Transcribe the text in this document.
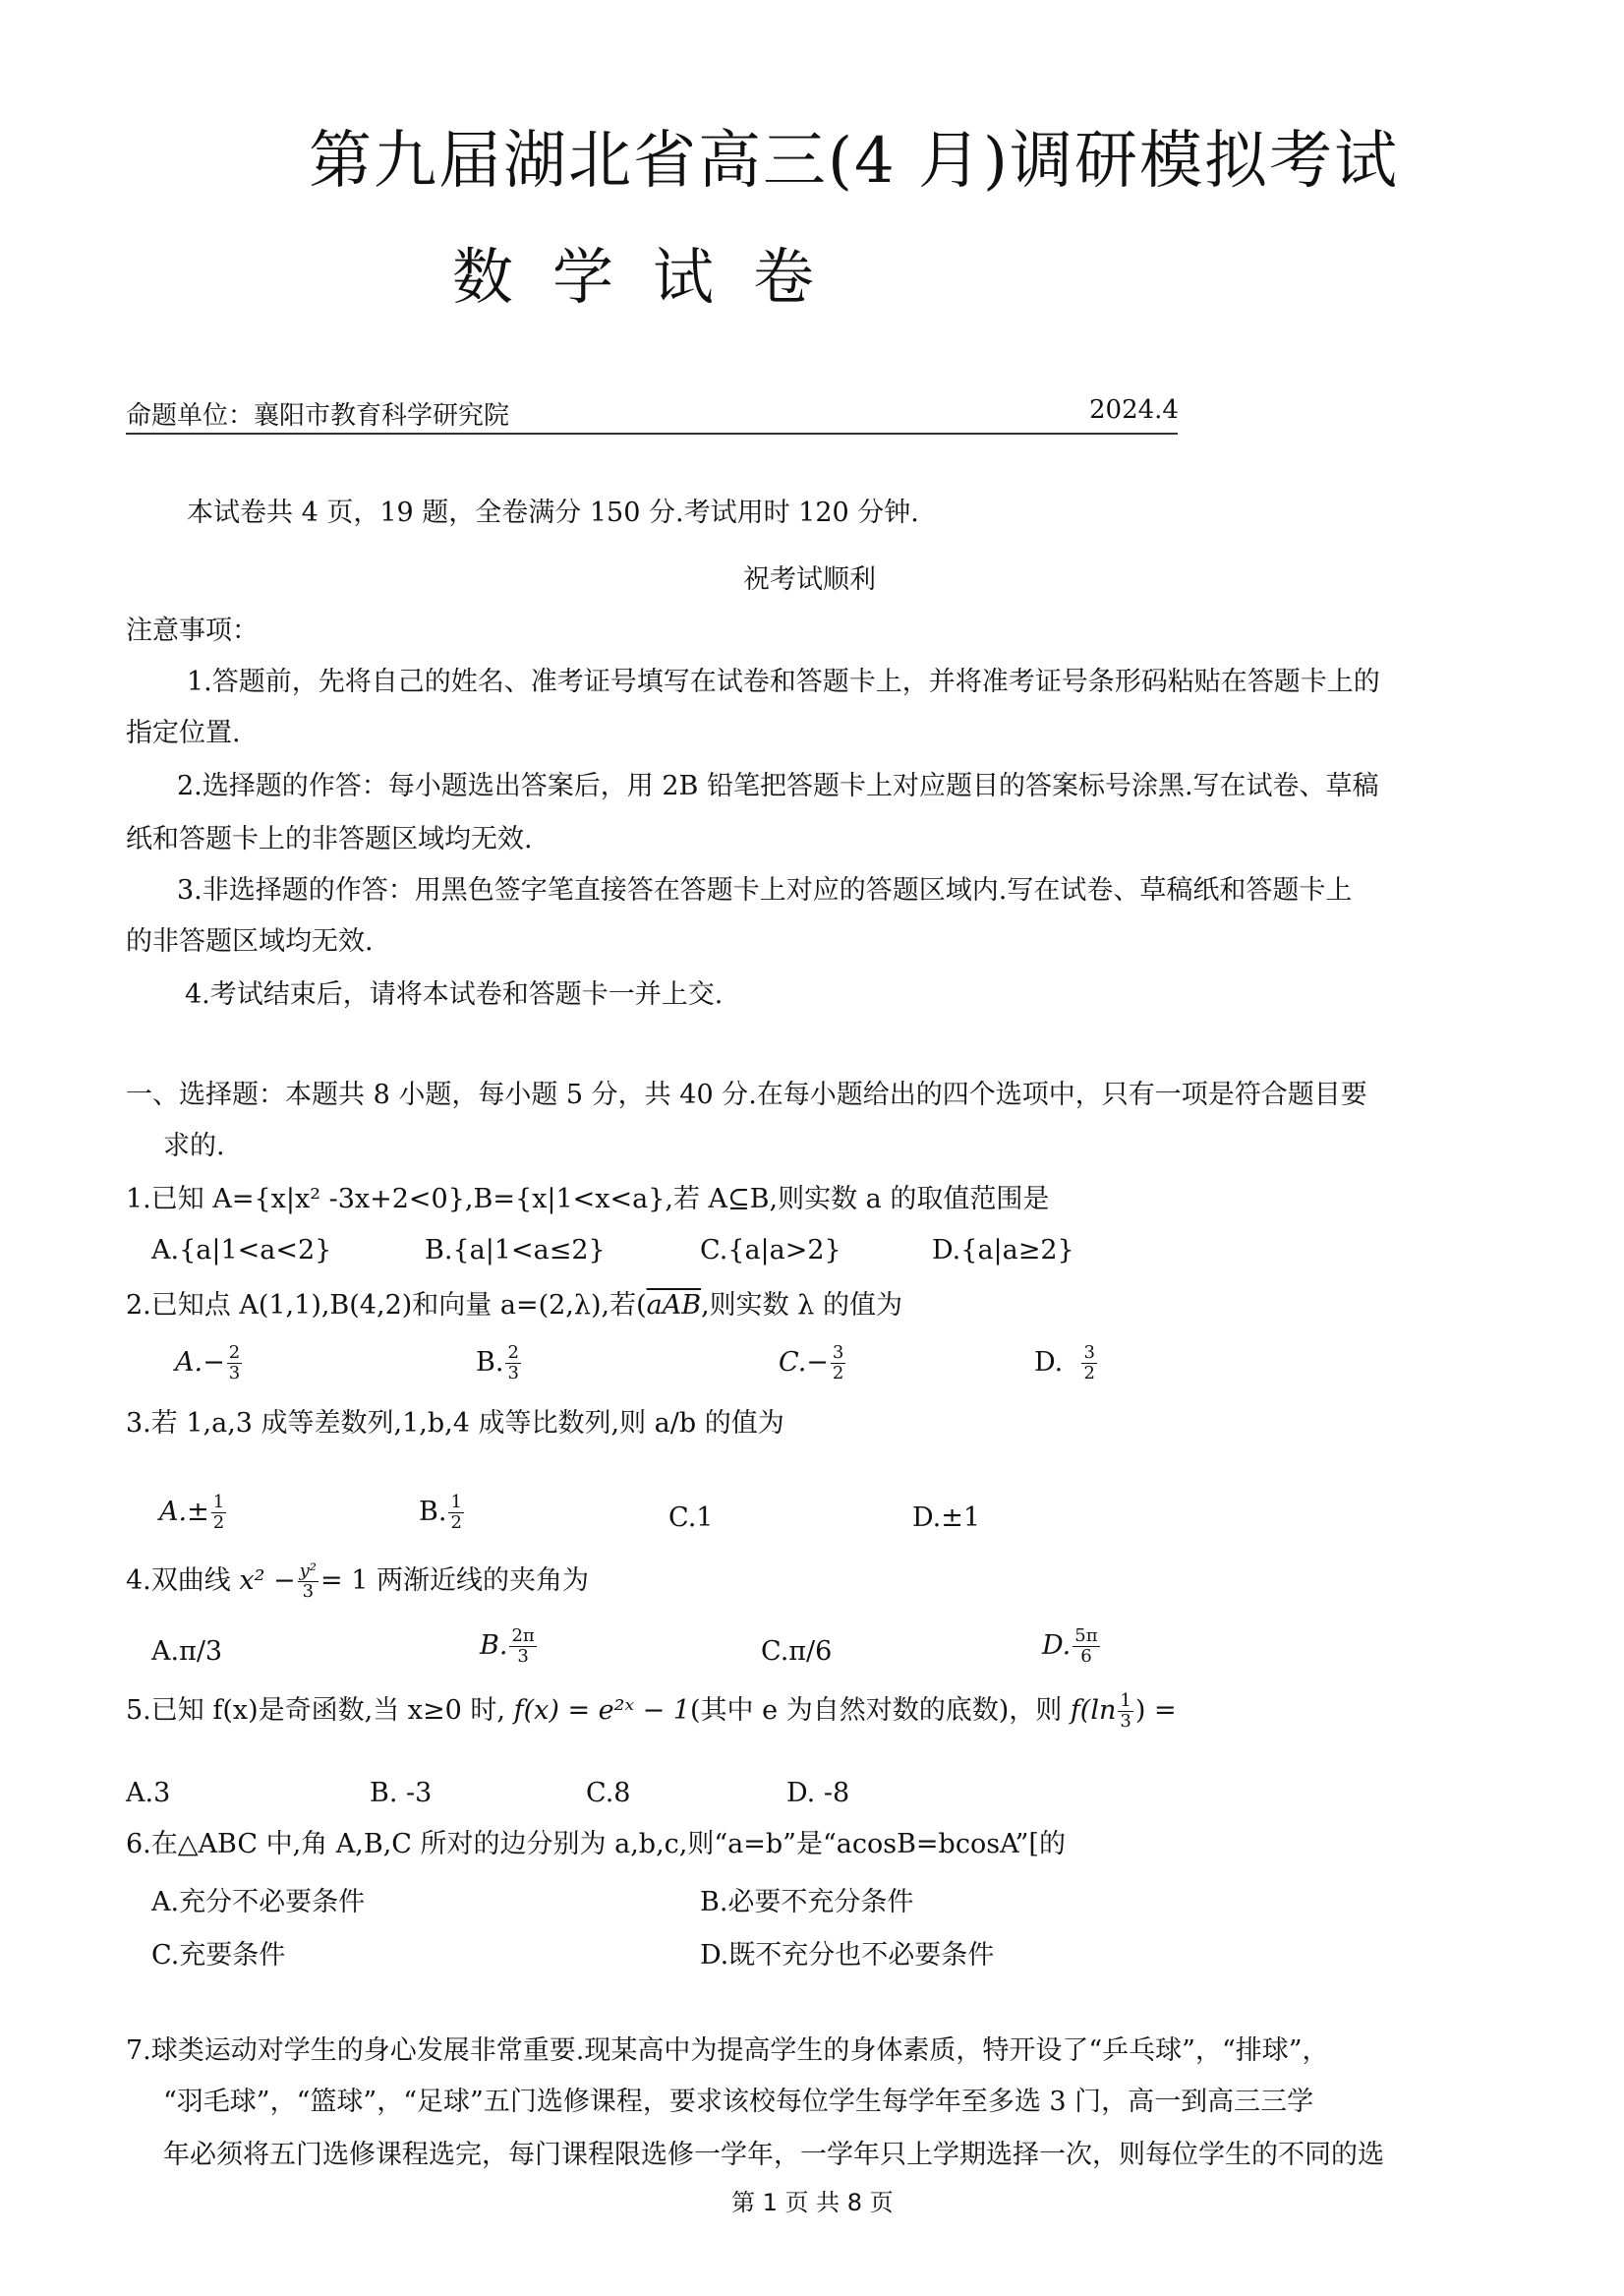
第九届湖北省高三(4 月)调研模拟考试
数学试卷
命题单位：襄阳市教育科学研究院	2024.4
本试卷共 4 页，19 题，全卷满分 150 分.考试用时 120 分钟.
祝考试顺利
注意事项：
1.答题前，先将自己的姓名、准考证号填写在试卷和答题卡上，并将准考证号条形码粘贴在答题卡上的
指定位置.
2.选择题的作答：每小题选出答案后，用 2B 铅笔把答题卡上对应题目的答案标号涂黑.写在试卷、草稿
纸和答题卡上的非答题区域均无效.
3.非选择题的作答：用黑色签字笔直接答在答题卡上对应的答题区域内.写在试卷、草稿纸和答题卡上
的非答题区域均无效.
4.考试结束后，请将本试卷和答题卡一并上交.
一、选择题：本题共 8 小题，每小题 5 分，共 40 分.在每小题给出的四个选项中，只有一项是符合题目要
求的.
1.已知 A={x|x² -3x+2<0},B={x|1<x<a},若 A⊆B,则实数 a 的取值范围是
A.{a|1<a<2}	B.{a|1<a≤2}	C.{a|a>2}	D.{a|a≥2}
2.已知点 A(1,1),B(4,2)和向量 a=(2,λ),若($\overline{aAB}$,则实数 λ 的值为
$A.- \frac{2}{3}$	B. $\frac{2}{3}$	$C.- \frac{3}{2}$	D. $\frac{3}{2}$
3.若 1,a,3 成等差数列,1,b,4 成等比数列,则 a/b 的值为
$A.\pm \frac{1}{2}$	B. $\frac{1}{2}$	C.1	D.±1
4.双曲线 $x^2 - \frac{\text{y²}}{3} = 1$ 两渐近线的夹角为
A.π/3	B. $\frac{2\pi}{3}$	C.π/6	D. $\frac{5\pi}{6}$
5.已知 f(x)是奇函数,当 x≥0 时, f(x) = e²ˣ − 1(其中 e 为自然对数的底数)，则 $f(\ln \frac{1}{3}$ ) =
A.3	B. -3	C.8	D. -8
6.在△ABC 中,角 A,B,C 所对的边分别为 a,b,c,则“a=b”是“acosB=bcosA”[的
A.充分不必要条件	B.必要不充分条件
C.充要条件	D.既不充分也不必要条件
7.球类运动对学生的身心发展非常重要.现某高中为提高学生的身体素质，特开设了“乒乓球”，“排球”，
“羽毛球”，“篮球”，“足球”五门选修课程，要求该校每位学生每学年至多选 3 门，高一到高三三学
年必须将五门选修课程选完，每门课程限选修一学年，一学年只上学期选择一次，则每位学生的不同的选
第 1 页 共 8 页
